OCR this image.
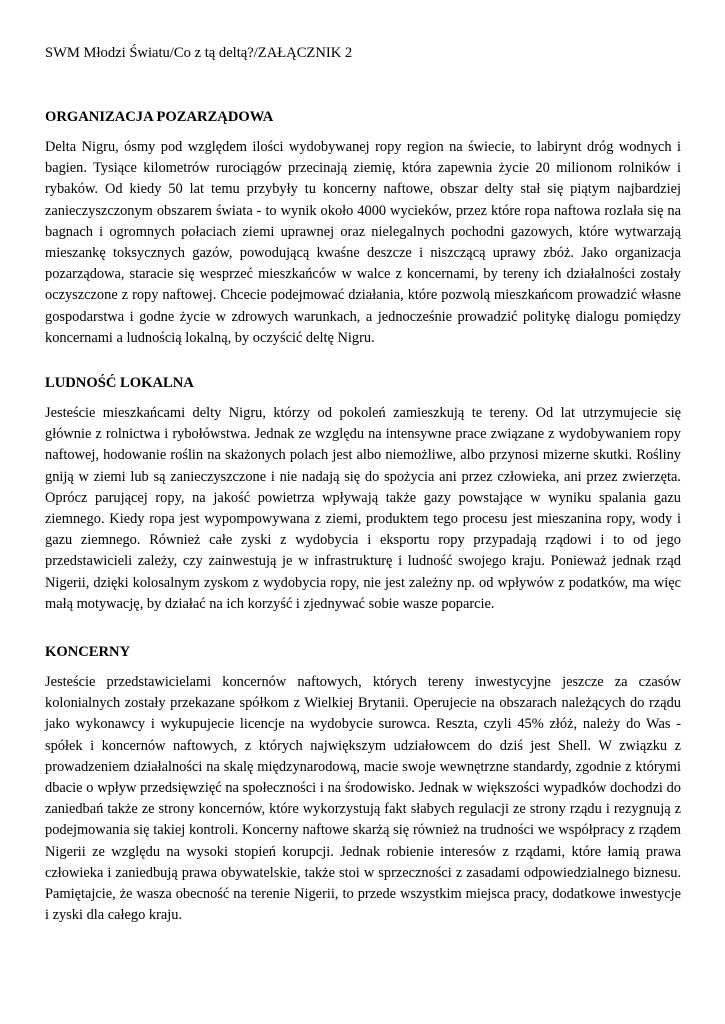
SWM Młodzi Światu/Co z tą deltą?/ZAŁĄCZNIK 2
ORGANIZACJA POZARZĄDOWA

Delta Nigru, ósmy pod względem ilości wydobywanej ropy region na świecie, to labirynt dróg wodnych i bagien. Tysiące kilometrów rurociągów przecinają ziemię, która zapewnia życie 20 milionom rolników i rybaków. Od kiedy 50 lat temu przybyły tu koncerny naftowe, obszar delty stał się piątym najbardziej zanieczyszczonym obszarem świata - to wynik około 4000 wycieków, przez które ropa naftowa rozlała się na bagnach i ogromnych połaciach ziemi uprawnej oraz nielegalnych pochodni gazowych, które wytwarzają mieszankę toksycznych gazów, powodującą kwaśne deszcze i niszczącą uprawy zbóż. Jako organizacja pozarządowa, staracie się wesprzeć mieszkańców w walce z koncernami, by tereny ich działalności zostały oczyszczone z ropy naftowej. Chcecie podejmować działania, które pozwolą mieszkańcom prowadzić własne gospodarstwa i godne życie w zdrowych warunkach, a jednocześnie prowadzić politykę dialogu pomiędzy koncernami a ludnością lokalną, by oczyścić deltę Nigru.

LUDNOŚĆ LOKALNA

Jesteście mieszkańcami delty Nigru, którzy od pokoleń zamieszkują te tereny. Od lat utrzymujecie się głównie z rolnictwa i rybołówstwa. Jednak ze względu na intensywne prace związane z wydobywaniem ropy naftowej, hodowanie roślin na skażonych polach jest albo niemożliwe, albo przynosi mizerne skutki. Rośliny gniją w ziemi lub są zanieczyszczone i nie nadają się do spożycia ani przez człowieka, ani przez zwierzęta. Oprócz parującej ropy, na jakość powietrza wpływają także gazy powstające w wyniku spalania gazu ziemnego. Kiedy ropa jest wypompowywana z ziemi, produktem tego procesu jest mieszanina ropy, wody i gazu ziemnego. Również całe zyski z wydobycia i eksportu ropy przypadają rządowi i to od jego przedstawicieli zależy, czy zainwestują je w infrastrukturę i ludność swojego kraju. Ponieważ jednak rząd Nigerii, dzięki kolosalnym zyskom z wydobycia ropy, nie jest zależny np. od wpływów z podatków, ma więc małą motywację, by działać na ich korzyść i zjednywać sobie wasze poparcie.

KONCERNY

Jesteście przedstawicielami koncernów naftowych, których tereny inwestycyjne jeszcze za czasów kolonialnych zostały przekazane spółkom z Wielkiej Brytanii. Operujecie na obszarach należących do rządu jako wykonawcy i wykupujecie licencje na wydobycie surowca. Reszta, czyli 45% złóż, należy do Was - spółek i koncernów naftowych, z których największym udziałowcem do dziś jest Shell. W związku z prowadzeniem działalności na skalę międzynarodową, macie swoje wewnętrzne standardy, zgodnie z którymi dbacie o wpływ przedsięwzięć na społeczności i na środowisko. Jednak w większości wypadków dochodzi do zaniedbań także ze strony koncernów, które wykorzystują fakt słabych regulacji ze strony rządu i rezygnują z podejmowania się takiej kontroli. Koncerny naftowe skarżą się również na trudności we współpracy z rządem Nigerii ze względu na wysoki stopień korupcji. Jednak robienie interesów z rządami, które łamią prawa człowieka i zaniedbują prawa obywatelskie, także stoi w sprzeczności z zasadami odpowiedzialnego biznesu. Pamiętajcie, że wasza obecność na terenie Nigerii, to przede wszystkim miejsca pracy, dodatkowe inwestycje i zyski dla całego kraju.
